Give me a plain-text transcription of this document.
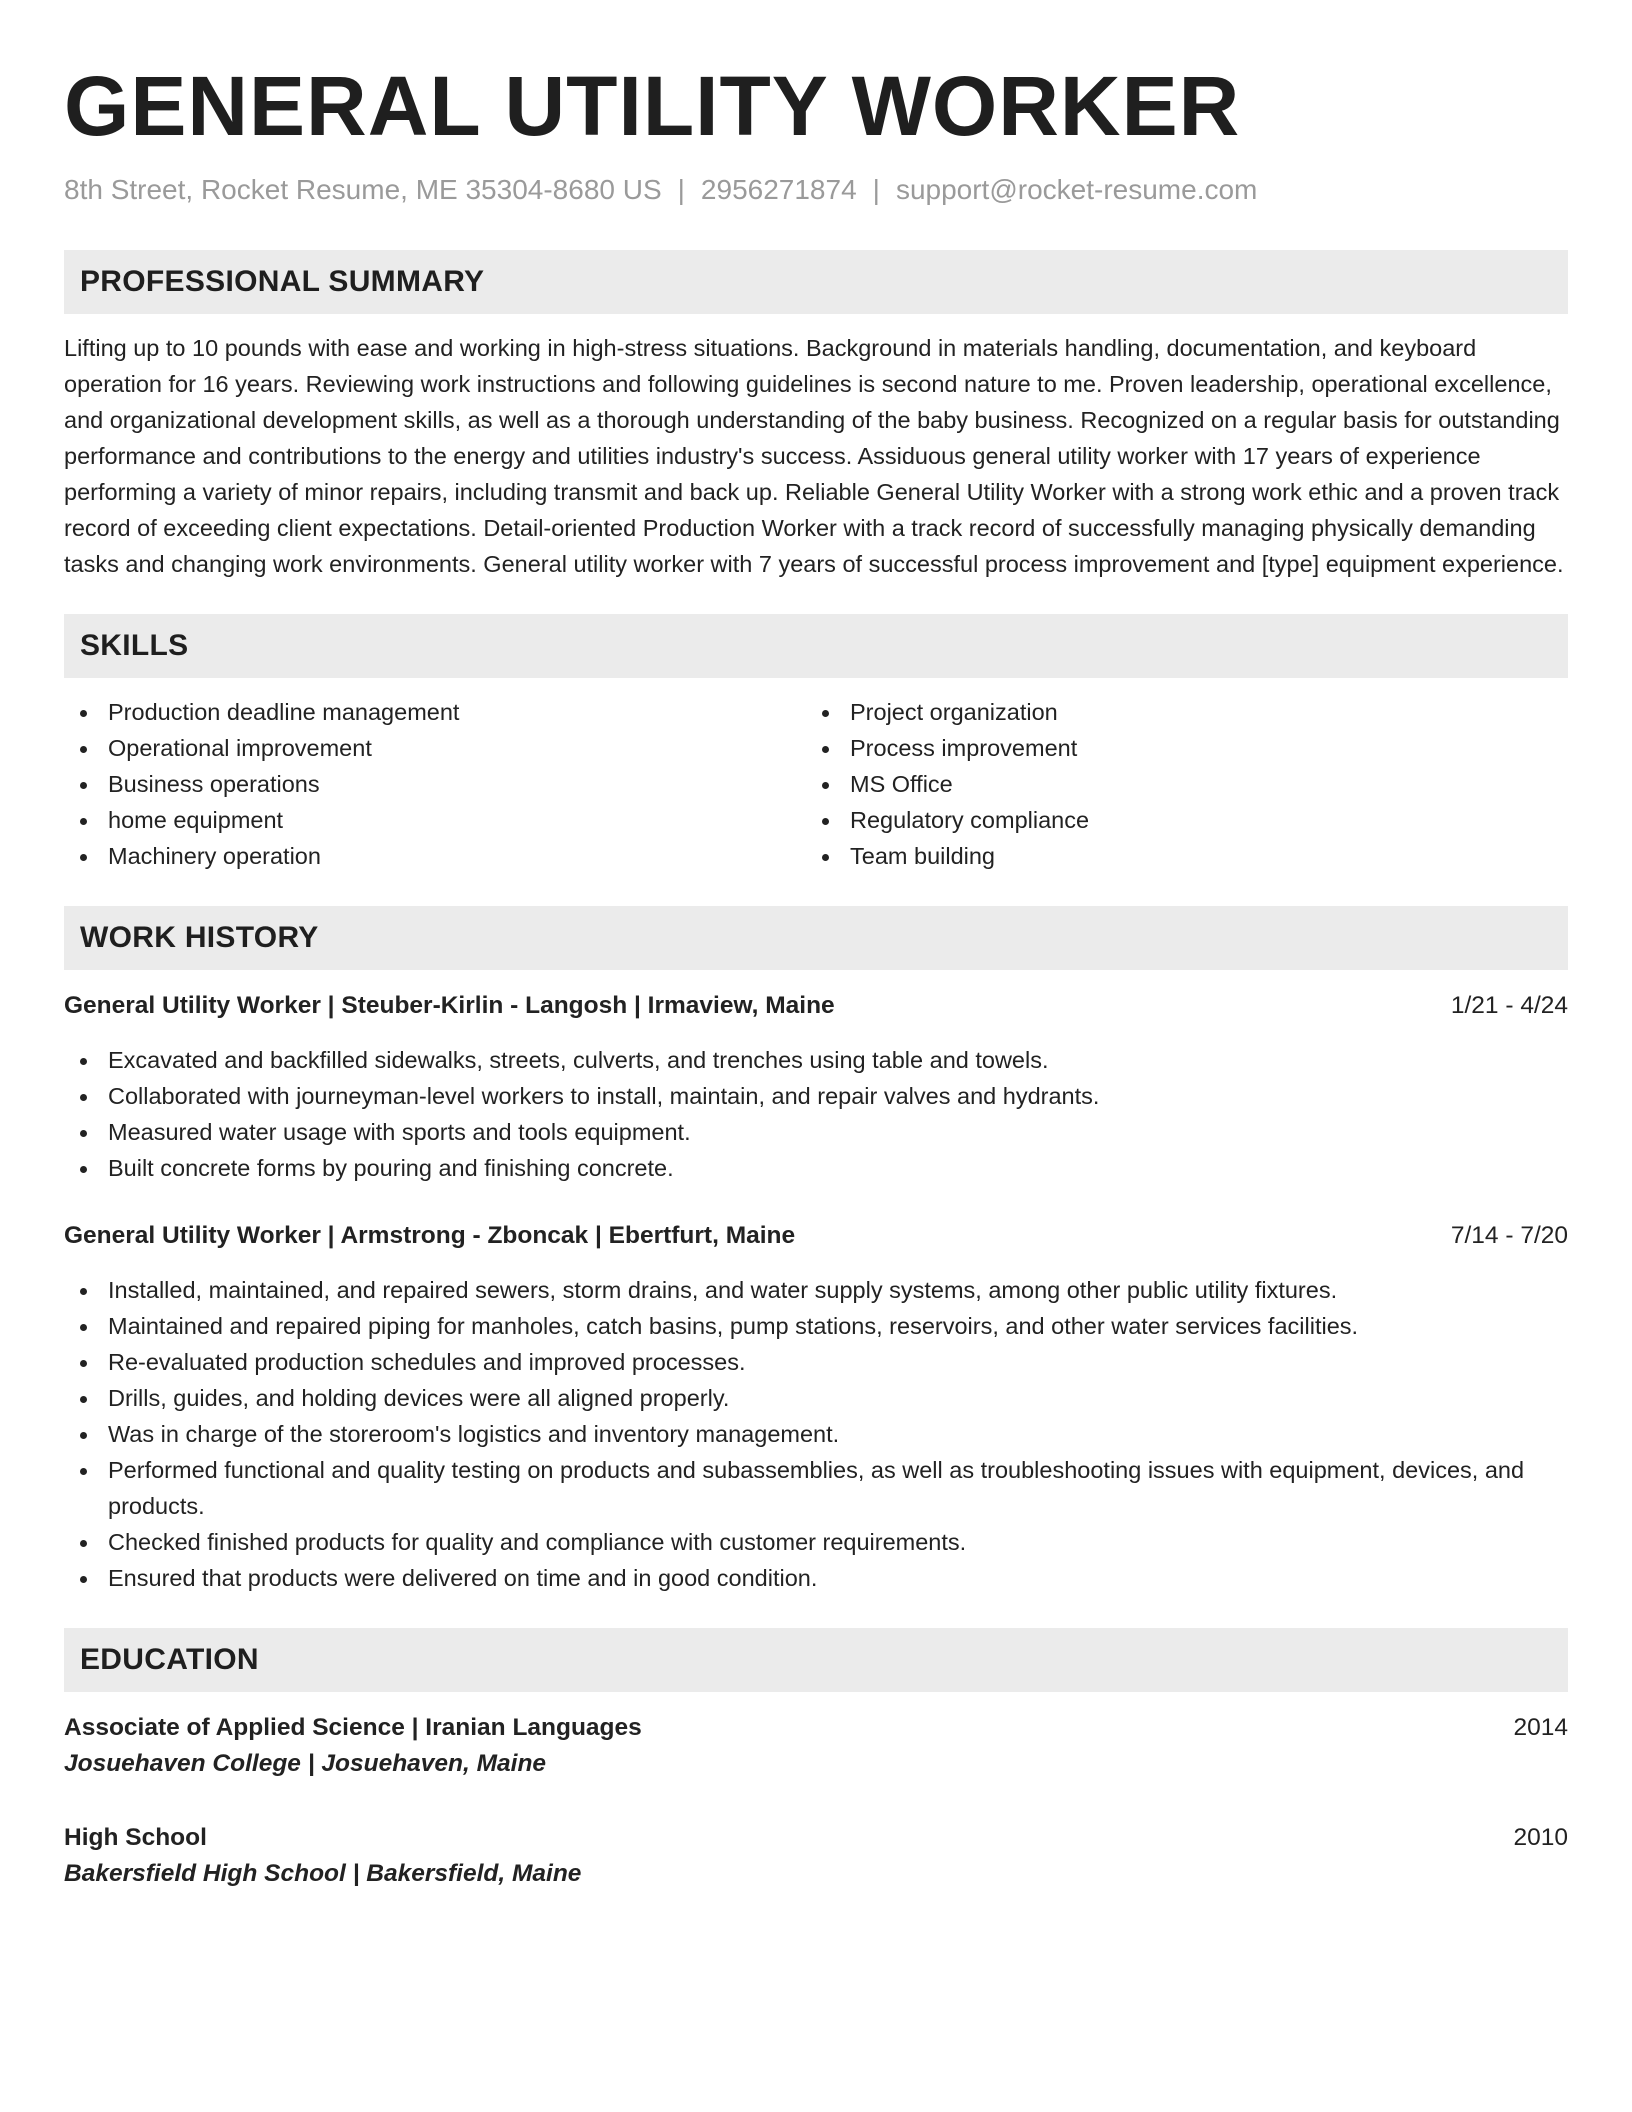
GENERAL UTILITY WORKER
8th Street, Rocket Resume, ME 35304-8680 US | 2956271874 | support@rocket-resume.com
PROFESSIONAL SUMMARY

Lifting up to 10 pounds with ease and working in high-stress situations. Background in materials handling, documentation, and keyboard operation for 16 years. Reviewing work instructions and following guidelines is second nature to me. Proven leadership, operational excellence, and organizational development skills, as well as a thorough understanding of the baby business. Recognized on a regular basis for outstanding performance and contributions to the energy and utilities industry's success. Assiduous general utility worker with 17 years of experience performing a variety of minor repairs, including transmit and back up. Reliable General Utility Worker with a strong work ethic and a proven track record of exceeding client expectations. Detail-oriented Production Worker with a track record of successfully managing physically demanding tasks and changing work environments. General utility worker with 7 years of successful process improvement and [type] equipment experience.

SKILLS
Production deadline management
Operational improvement
Business operations
home equipment
Machinery operation
Project organization
Process improvement
MS Office
Regulatory compliance
Team building
WORK HISTORY
General Utility Worker | Steuber-Kirlin - Langosh | Irmaview, Maine	1/21 - 4/24
Excavated and backfilled sidewalks, streets, culverts, and trenches using table and towels.
Collaborated with journeyman-level workers to install, maintain, and repair valves and hydrants.
Measured water usage with sports and tools equipment.
Built concrete forms by pouring and finishing concrete.
General Utility Worker | Armstrong - Zboncak | Ebertfurt, Maine	7/14 - 7/20
Installed, maintained, and repaired sewers, storm drains, and water supply systems, among other public utility fixtures.
Maintained and repaired piping for manholes, catch basins, pump stations, reservoirs, and other water services facilities.
Re-evaluated production schedules and improved processes.
Drills, guides, and holding devices were all aligned properly.
Was in charge of the storeroom's logistics and inventory management.
Performed functional and quality testing on products and subassemblies, as well as troubleshooting issues with equipment, devices, and products.
Checked finished products for quality and compliance with customer requirements.
Ensured that products were delivered on time and in good condition.
EDUCATION
Associate of Applied Science | Iranian Languages	2014
Josuehaven College | Josuehaven, Maine
High School	2010
Bakersfield High School | Bakersfield, Maine
